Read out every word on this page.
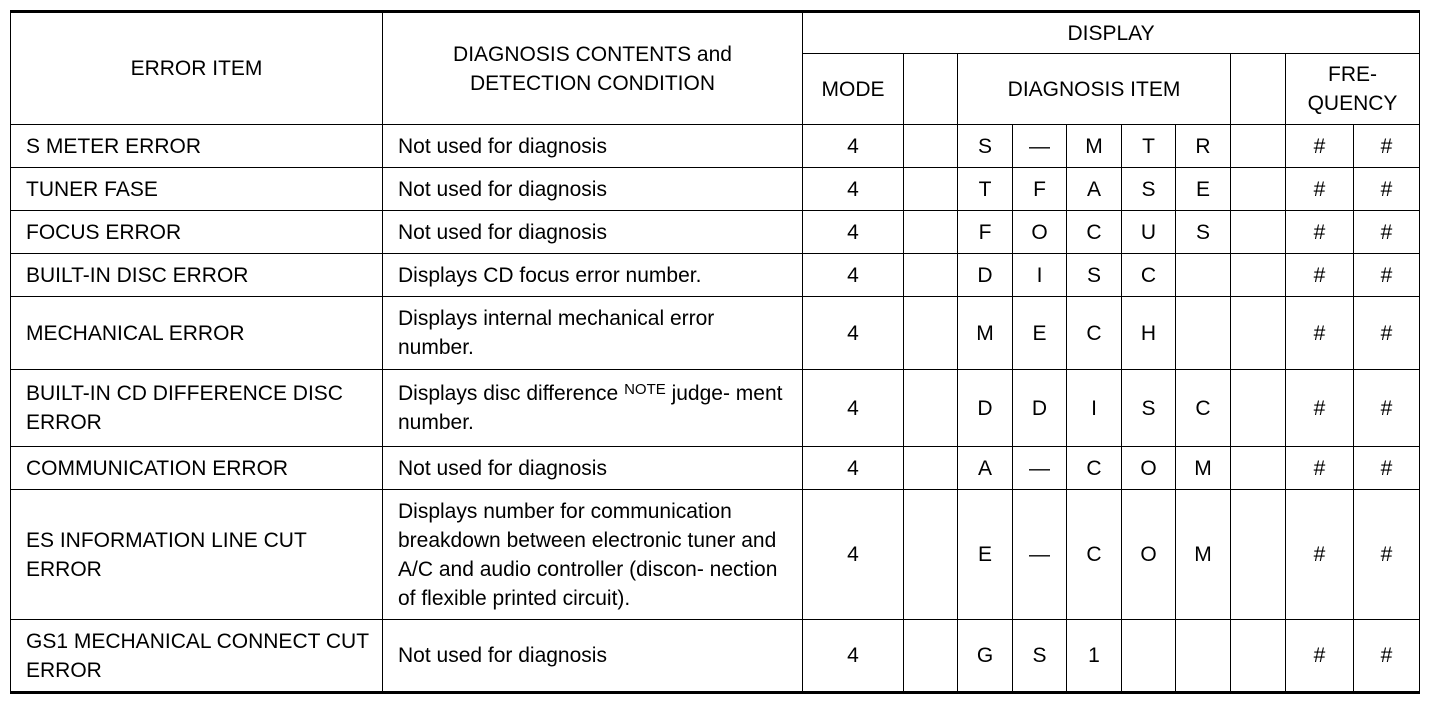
ERROR ITEM	DIAGNOSIS CONTENTS and DETECTION CONDITION	DISPLAY									
		MODE		DIAGNOSIS ITEM						FRE- QUENCY	
S METER ERROR	Not used for diagnosis	4		S	—	M	T	R		#	#
TUNER FASE	Not used for diagnosis	4		T	F	A	S	E		#	#
FOCUS ERROR	Not used for diagnosis	4		F	O	C	U	S		#	#
BUILT-IN DISC ERROR	Displays CD focus error number.	4		D	I	S	C			#	#
MECHANICAL ERROR	Displays internal mechanical error number.	4		M	E	C	H			#	#
BUILT-IN CD DIFFERENCE DISC ERROR	Displays disc difference $^{NOTE}$ judge- ment number.	4		D	D	I	S	C		#	#
COMMUNICATION ERROR	Not used for diagnosis	4		A	—	C	O	M		#	#
ES INFORMATION LINE CUT ERROR	Displays number for communication breakdown between electronic tuner and A/C and audio controller (discon- nection of flexible printed circuit).	4		E	—	C	O	M		#	#
GS1 MECHANICAL CONNECT CUT ERROR	Not used for diagnosis	4		G	S	1				#	#
